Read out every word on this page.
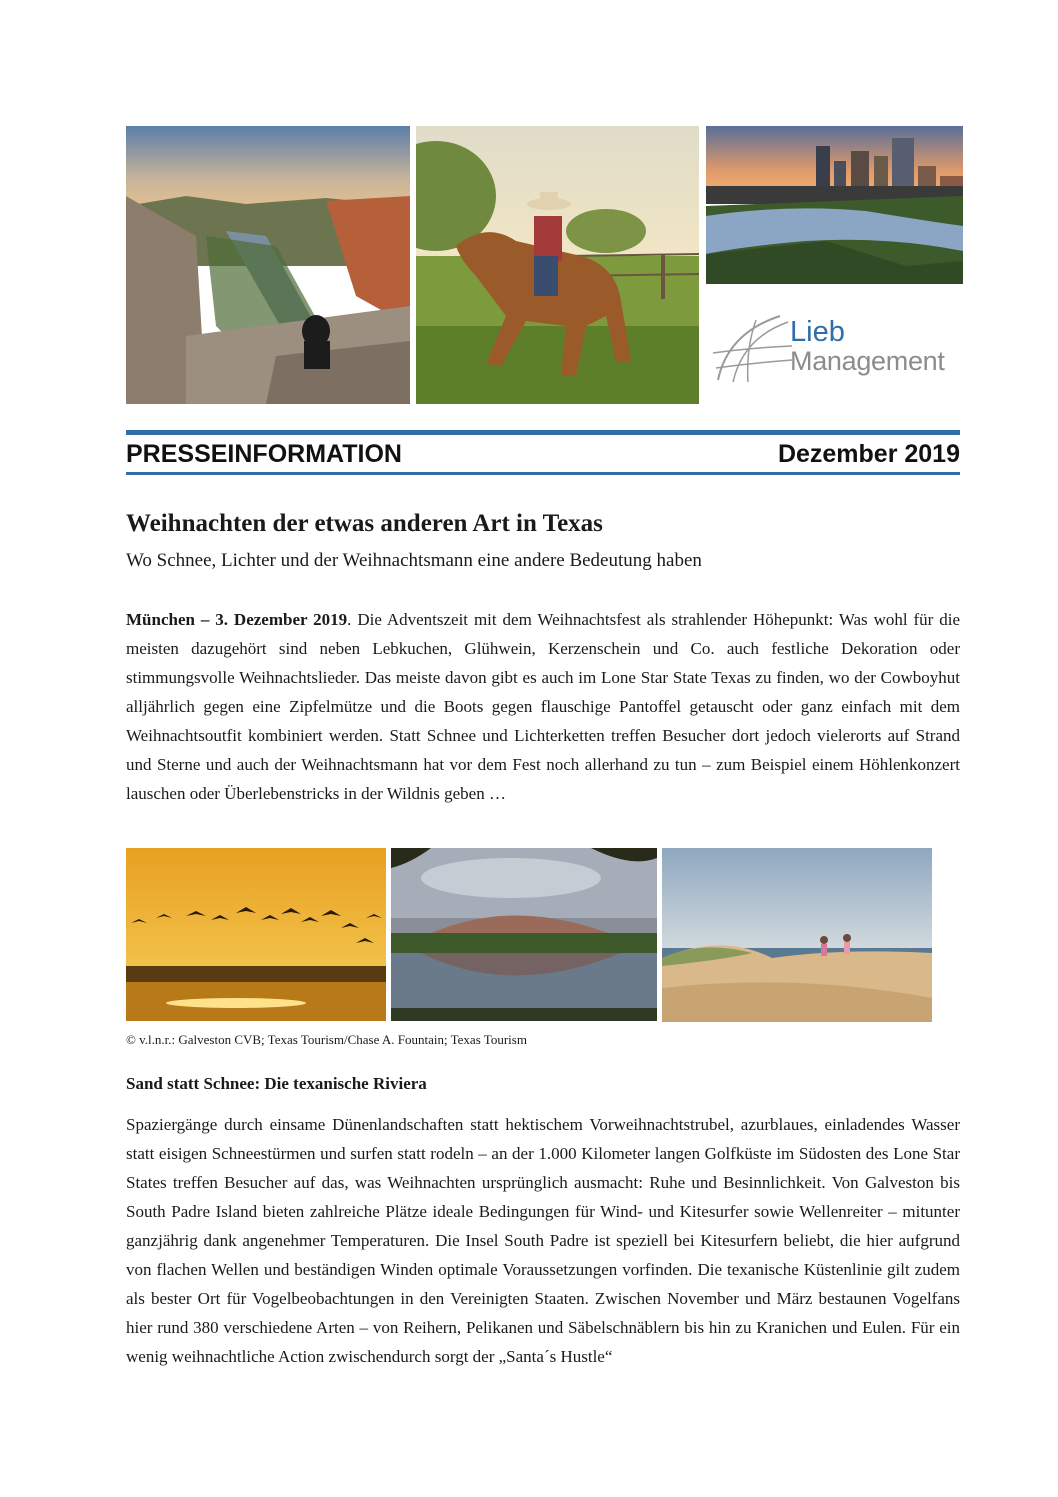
Lieb
Management
PRESSEINFORMATION	Dezember 2019
Weihnachten der etwas anderen Art in Texas
Wo Schnee, Lichter und der Weihnachtsmann eine andere Bedeutung haben
München – 3. Dezember 2019. Die Adventszeit mit dem Weihnachtsfest als strahlender Höhepunkt: Was wohl für die meisten dazugehört sind neben Lebkuchen, Glühwein, Kerzenschein und Co. auch festliche Dekoration oder stimmungsvolle Weihnachtslieder. Das meiste davon gibt es auch im Lone Star State Texas zu finden, wo der Cowboyhut alljährlich gegen eine Zipfelmütze und die Boots gegen flauschige Pantoffel getauscht oder ganz einfach mit dem Weihnachtsoutfit kombiniert werden. Statt Schnee und Lichterketten treffen Besucher dort jedoch vielerorts auf Strand und Sterne und auch der Weihnachtsmann hat vor dem Fest noch allerhand zu tun – zum Beispiel einem Höhlenkonzert lauschen oder Überlebenstricks in der Wildnis geben …
© v.l.n.r.: Galveston CVB; Texas Tourism/Chase A. Fountain; Texas Tourism
Sand statt Schnee: Die texanische Riviera
Spaziergänge durch einsame Dünenlandschaften statt hektischem Vorweihnachtstrubel, azurblaues, einladendes Wasser statt eisigen Schneestürmen und surfen statt rodeln – an der 1.000 Kilometer langen Golfküste im Südosten des Lone Star States treffen Besucher auf das, was Weihnachten ursprünglich ausmacht: Ruhe und Besinnlichkeit. Von Galveston bis South Padre Island bieten zahlreiche Plätze ideale Bedingungen für Wind- und Kitesurfer sowie Wellenreiter – mitunter ganzjährig dank angenehmer Temperaturen. Die Insel South Padre ist speziell bei Kitesurfern beliebt, die hier aufgrund von flachen Wellen und beständigen Winden optimale Voraussetzungen vorfinden. Die texanische Küstenlinie gilt zudem als bester Ort für Vogelbeobachtungen in den Vereinigten Staaten. Zwischen November und März bestaunen Vogelfans hier rund 380 verschiedene Arten – von Reihern, Pelikanen und Säbelschnäblern bis hin zu Kranichen und Eulen. Für ein wenig weihnachtliche Action zwischendurch sorgt der „Santa´s Hustle“
